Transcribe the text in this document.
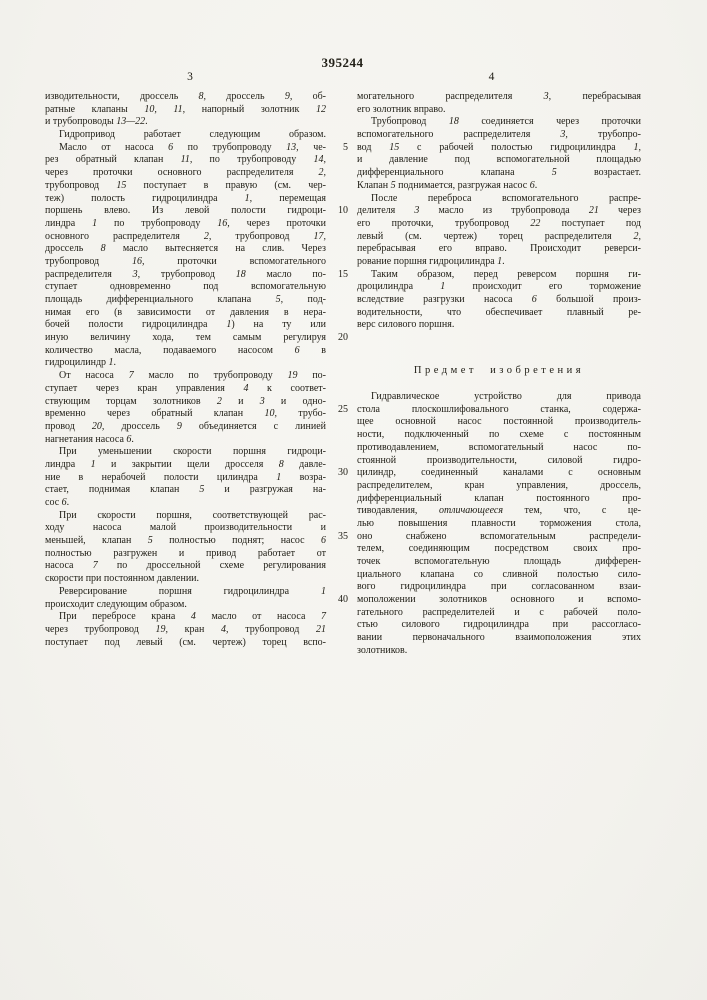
395244
3	4
изводительности, дроссель 8, дроссель 9, об-
ратные клапаны 10, 11, напорный золотник 12
и трубопроводы 13—22.
Гидропривод работает следующим образом.
Масло от насоса 6 по трубопроводу 13, че-
рез обратный клапан 11, по трубопроводу 14,
через проточки основного распределителя 2,
трубопровод 15 поступает в правую (см. чер-
теж) полость гидроцилиндра 1, перемещая
поршень влево. Из левой полости гидроци-
линдра 1 по трубопроводу 16, через проточки
основного распределителя 2, трубопровод 17,
дроссель 8 масло вытесняется на слив. Через
трубопровод 16, проточки вспомогательного
распределителя 3, трубопровод 18 масло по-
ступает одновременно под вспомогательную
площадь дифференциального клапана 5, под-
нимая его (в зависимости от давления в нера-
бочей полости гидроцилиндра 1) на ту или
иную величину хода, тем самым регулируя
количество масла, подаваемого насосом 6 в
гидроцилиндр 1.
От насоса 7 масло по трубопроводу 19 по-
ступает через кран управления 4 к соответ-
ствующим торцам золотников 2 и 3 и одно-
временно через обратный клапан 10, трубо-
провод 20, дроссель 9 объединяется с линией
нагнетания насоса 6.
При уменьшении скорости поршня гидроци-
линдра 1 и закрытии щели дросселя 8 давле-
ние в нерабочей полости цилиндра 1 возра-
стает, поднимая клапан 5 и разгружая на-
сос 6.
При скорости поршня, соответствующей рас-
ходу насоса малой производительности и
меньшей, клапан 5 полностью поднят; насос 6
полностью разгружен и привод работает от
насоса 7 по дроссельной схеме регулирования
скорости при постоянном давлении.
Реверсирование поршня гидроцилиндра 1
происходит следующим образом.
При перебросе крана 4 масло от насоса 7
через трубопровод 19, кран 4, трубопровод 21
поступает под левый (см. чертеж) торец вспо-
могательного распределителя 3, перебрасывая
его золотник вправо.
Трубопровод 18 соединяется через проточки
вспомогательного распределителя 3, трубопро-
вод 15 с рабочей полостью гидроцилиндра 1,
и давление под вспомогательной площадью
дифференциального клапана 5 возрастает.
Клапан 5 поднимается, разгружая насос 6.
После переброса вспомогательного распре-
делителя 3 масло из трубопровода 21 через
его проточки, трубопровод 22 поступает под
левый (см. чертеж) торец распределителя 2,
перебрасывая его вправо. Происходит реверси-
рование поршня гидроцилиндра 1.
Таким образом, перед реверсом поршня ги-
дроцилиндра 1 происходит его торможение
вследствие разгрузки насоса 6 большой произ-
водительности, что обеспечивает плавный ре-
верс силового поршня.
Предмет изобретения
Гидравлическое устройство для привода
стола плоскошлифовального станка, содержа-
щее основной насос постоянной производитель-
ности, подключенный по схеме с постоянным
противодавлением, вспомогательный насос по-
стоянной производительности, силовой гидро-
цилиндр, соединенный каналами с основным
распределителем, кран управления, дроссель,
дифференциальный клапан постоянного про-
тиводавления, отличающееся тем, что, с це-
лью повышения плавности торможения стола,
оно снабжено вспомогательным распредели-
телем, соединяющим посредством своих про-
точек вспомогательную площадь дифферен-
циального клапана со сливной полостью сило-
вого гидроцилиндра при согласованном взаи-
моположении золотников основного и вспомо-
гательного распределителей и с рабочей поло-
стью силового гидроцилиндра при рассогласо-
вании первоначального взаимоположения этих
золотников.
5
10
15
20
25
30
35
40
